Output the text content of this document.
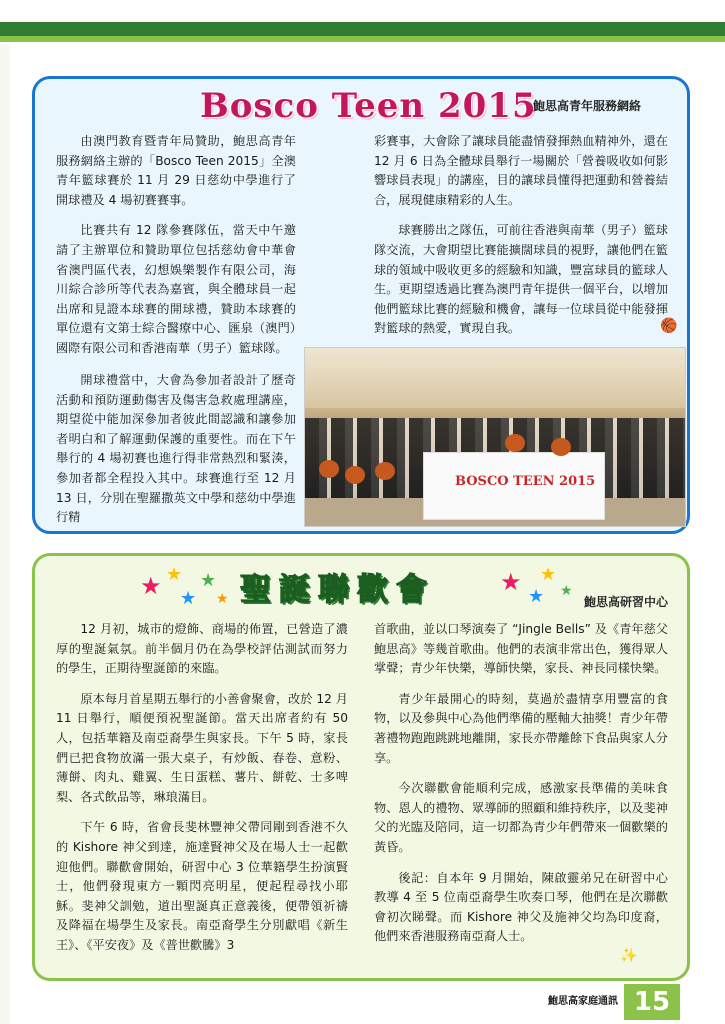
Bosco Teen 2015
鮑思高青年服務網絡

由澳門教育暨青年局贊助，鮑思高青年服務網絡主辦的「Bosco Teen 2015」全澳青年籃球賽於 11 月 29 日慈幼中學進行了開球禮及 4 場初賽賽事。

比賽共有 12 隊參賽隊伍，當天中午邀請了主辦單位和贊助單位包括慈幼會中華會省澳門區代表，幻想娛樂製作有限公司，海川綜合診所等代表為嘉賓，與全體球員一起出席和見證本球賽的開球禮，贊助本球賽的單位還有文第士綜合醫療中心、匯泉（澳門）國際有限公司和香港南華（男子）籃球隊。

開球禮當中，大會為參加者設計了歷奇活動和預防運動傷害及傷害急救處理講座，期望從中能加深參加者彼此間認識和讓參加者明白和了解運動保護的重要性。而在下午舉行的 4 場初賽也進行得非常熱烈和緊湊，參加者都全程投入其中。球賽進行至 12 月 13 日，分別在聖羅撒英文中學和慈幼中學進行精

彩賽事，大會除了讓球員能盡情發揮熱血精神外，還在 12 月 6 日為全體球員舉行一場關於「營養吸收如何影響球員表現」的講座，目的讓球員懂得把運動和營養結合，展現健康精彩的人生。

球賽勝出之隊伍，可前往香港與南華（男子）籃球隊交流，大會期望比賽能擴闊球員的視野，讓他們在籃球的領域中吸收更多的經驗和知識，豐富球員的籃球人生。更期望透過比賽為澳門青年提供一個平台，以增加他們籃球比賽的經驗和機會，讓每一位球員從中能發揮對籃球的熱愛，實現自我。	🏀
BOSCO TEEN 2015
★ ★
★
★
★ 聖誕聯歡會	★
★
★
★
鮑思高研習中心

12 月初，城市的燈飾、商場的佈置，已營造了濃厚的聖誕氣氛。前半個月仍在為學校評估測試而努力的學生，正期待聖誕節的來臨。

原本每月首星期五舉行的小善會聚會，改於 12 月 11 日舉行，順便預祝聖誕節。當天出席者約有 50 人，包括華籍及南亞裔學生與家長。下午 5 時，家長們已把食物放滿一張大桌子，有炒飯、春卷、意粉、薄餅、肉丸、雞翼、生日蛋糕、薯片、餅乾、士多啤梨、各式飲品等，琳琅滿目。

下午 6 時，省會長斐林豐神父帶同剛到香港不久的 Kishore 神父到達，施達賢神父及在場人士一起歡迎他們。聯歡會開始，研習中心 3 位華籍學生扮演賢士，他們發現東方一顆閃亮明星，便起程尋找小耶穌。斐神父訓勉，道出聖誕真正意義後，便帶領祈禱及降福在場學生及家長。南亞裔學生分別獻唱《新生王》、《平安夜》及《普世歡騰》3

首歌曲，並以口琴演奏了 “Jingle Bells” 及《青年慈父鮑思高》等幾首歌曲。他們的表演非常出色，獲得眾人掌聲；青少年快樂，導師快樂，家長、神長同樣快樂。

青少年最開心的時刻，莫過於盡情享用豐富的食物，以及參與中心為他們準備的壓軸大抽獎！青少年帶著禮物跑跑跳跳地離開，家長亦帶離餘下食品與家人分享。

今次聯歡會能順利完成，感激家長準備的美味食物、恩人的禮物、眾導師的照顧和維持秩序，以及斐神父的光臨及陪同，這一切都為青少年們帶來一個歡樂的黃昏。

後記：自本年 9 月開始，陳啟靈弟兄在研習中心教導 4 至 5 位南亞裔學生吹奏口琴，他們在是次聯歡會初次睇聲。而 Kishore 神父及施神父均為印度裔，他們來香港服務南亞裔人士。

✨
鮑思高家庭通訊 15
